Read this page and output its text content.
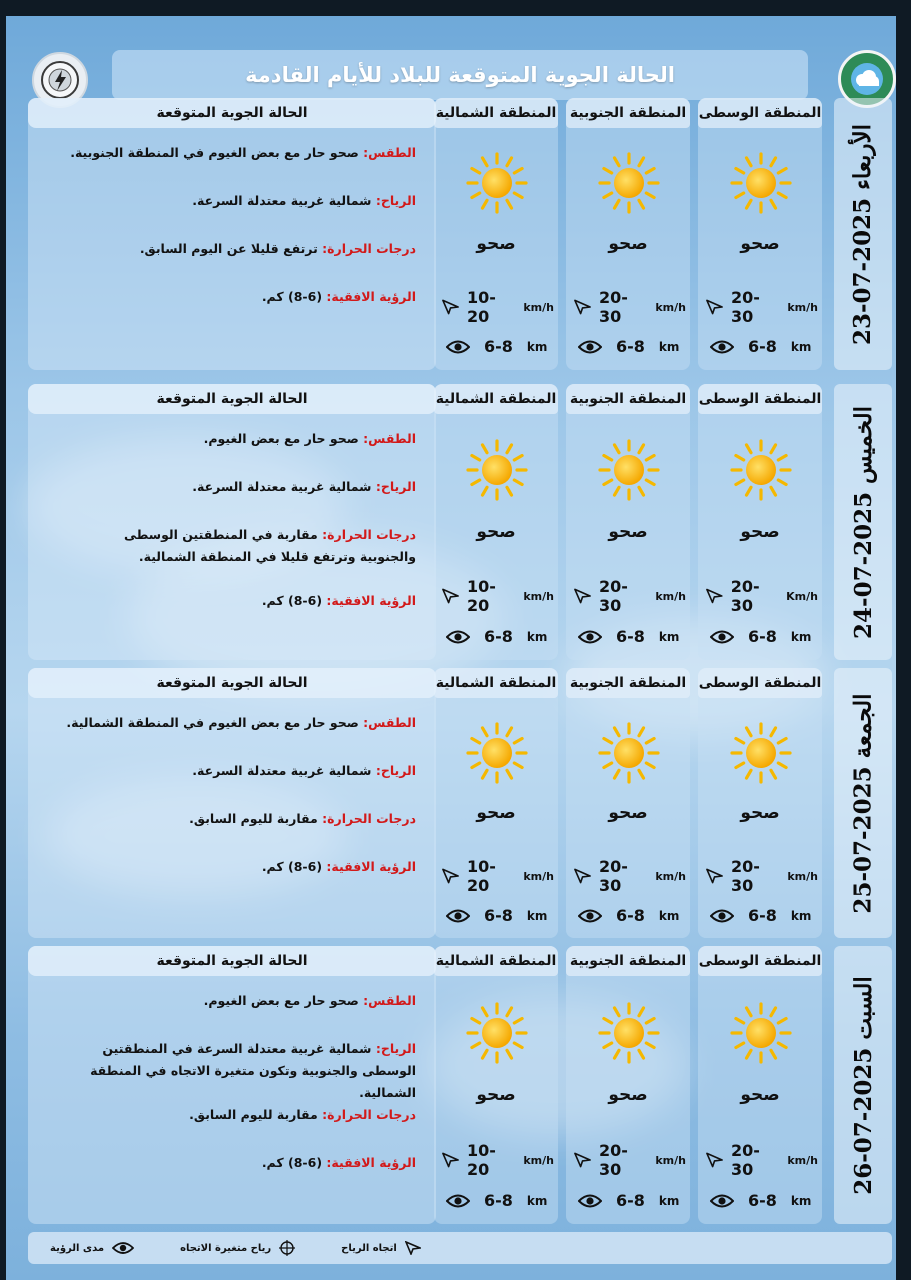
الحالة الجوية المتوقعة للبلاد للأيام القادمة
الأربعاء 2025-07-23
المنطقة الوسطى
صحو
20-30	km/h
6-8 km
المنطقة الجنوبية
صحو
20-30	km/h
6-8 km
المنطقة الشمالية
صحو
10-20	km/h
6-8 km
الحالة الجوية المتوقعة
الطقس: صحو حار مع بعض الغيوم في المنطقة الجنوبية.
الرياح: شمالية غربية معتدلة السرعة.
درجات الحرارة: ترتفع قليلا عن اليوم السابق.
الرؤية الافقية: (6-8) كم.
الخميس 2025-07-24
المنطقة الوسطى
صحو
20-30	Km/h
6-8 km
المنطقة الجنوبية
صحو
20-30	km/h
6-8 km
المنطقة الشمالية
صحو
10-20	km/h
6-8 km
الحالة الجوية المتوقعة
الطقس: صحو حار مع بعض الغيوم.
الرياح: شمالية غربية معتدلة السرعة.
درجات الحرارة: مقاربة في المنطقتين الوسطى والجنوبية وترتفع قليلا في المنطقة الشمالية.
الرؤية الافقية: (6-8) كم.
الجمعة 2025-07-25
المنطقة الوسطى
صحو
20-30	km/h
6-8 km
المنطقة الجنوبية
صحو
20-30	km/h
6-8 km
المنطقة الشمالية
صحو
10-20	km/h
6-8 km
الحالة الجوية المتوقعة
الطقس: صحو حار مع بعض الغيوم في المنطقة الشمالية.
الرياح: شمالية غربية معتدلة السرعة.
درجات الحرارة: مقاربة لليوم السابق.
الرؤية الافقية: (6-8) كم.
السبت 2025-07-26
المنطقة الوسطى
صحو
20-30	km/h
6-8 km
المنطقة الجنوبية
صحو
20-30	km/h
6-8 km
المنطقة الشمالية
صحو
10-20	km/h
6-8 km
الحالة الجوية المتوقعة
الطقس: صحو حار مع بعض الغيوم.
الرياح: شمالية غربية معتدلة السرعة في المنطقتين الوسطى والجنوبية وتكون متغيرة الاتجاه في المنطقة الشمالية.
درجات الحرارة: مقاربة لليوم السابق.
الرؤية الافقية: (6-8) كم.
اتجاه الرياح
رياح متغيرة الاتجاه
مدى الرؤية
